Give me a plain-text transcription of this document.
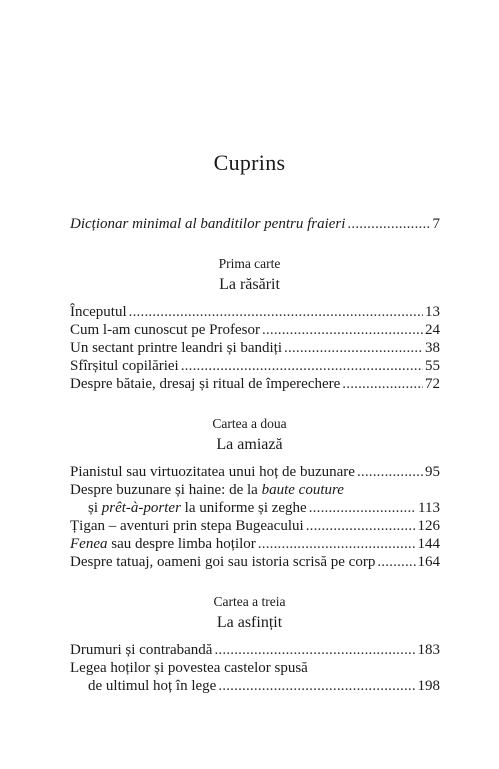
Cuprins
Dicționar minimal al banditilor pentru fraieri .....	7
Prima carte
La răsărit
Începutul .....	13
Cum l-am cunoscut pe Profesor .....	24
Un sectant printre leandri și bandiți .....	38
Sfîrșitul copilăriei .....	55
Despre bătaie, dresaj și ritual de împerechere .....	72
Cartea a doua
La amiază
Pianistul sau virtuozitatea unui hoț de buzunare .....	95
Despre buzunare și haine: de la baute couture
și prêt-à-porter la uniforme și zeghe .....	113
Țigan – aventuri prin stepa Bugeacului .....	126
Fenea sau despre limba hoților .....	144
Despre tatuaj, oameni goi sau istoria scrisă pe corp .....	164
Cartea a treia
La asfințit
Drumuri și contrabandă .....	183
Legea hoților și povestea castelor spusă
de ultimul hoț în lege .....	198
